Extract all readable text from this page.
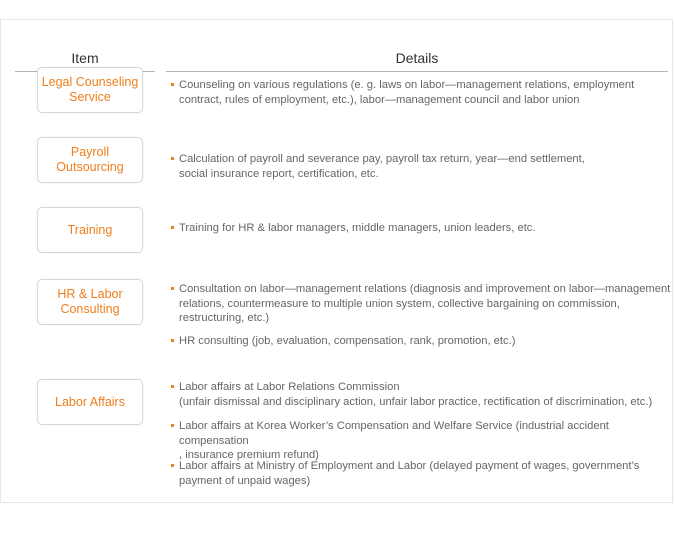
Item	Details
Legal Counseling
Service
Counseling on various regulations (e. g. laws on labor—management relations, employment
contract, rules of employment, etc.), labor—management council and labor union
Payroll Outsourcing
Calculation of payroll and severance pay, payroll tax return, year—end settlement,
social insurance report, certification, etc.
Training	Training for HR & labor managers, middle managers, union leaders, etc.
HR & Labor
Consulting
Consultation on labor—management relations (diagnosis and improvement on labor—management
relations, countermeasure to multiple union system, collective bargaining on commission,
restructuring, etc.)
HR consulting (job, evaluation, compensation, rank, promotion, etc.)
Labor Affairs
Labor affairs at Labor Relations Commission
(unfair dismissal and disciplinary action, unfair labor practice, rectification of discrimination, etc.)
Labor affairs at Korea Worker’s Compensation and Welfare Service (industrial accident compensation
, insurance premium refund)
Labor affairs at Ministry of Employment and Labor (delayed payment of wages, government’s
payment of unpaid wages)
